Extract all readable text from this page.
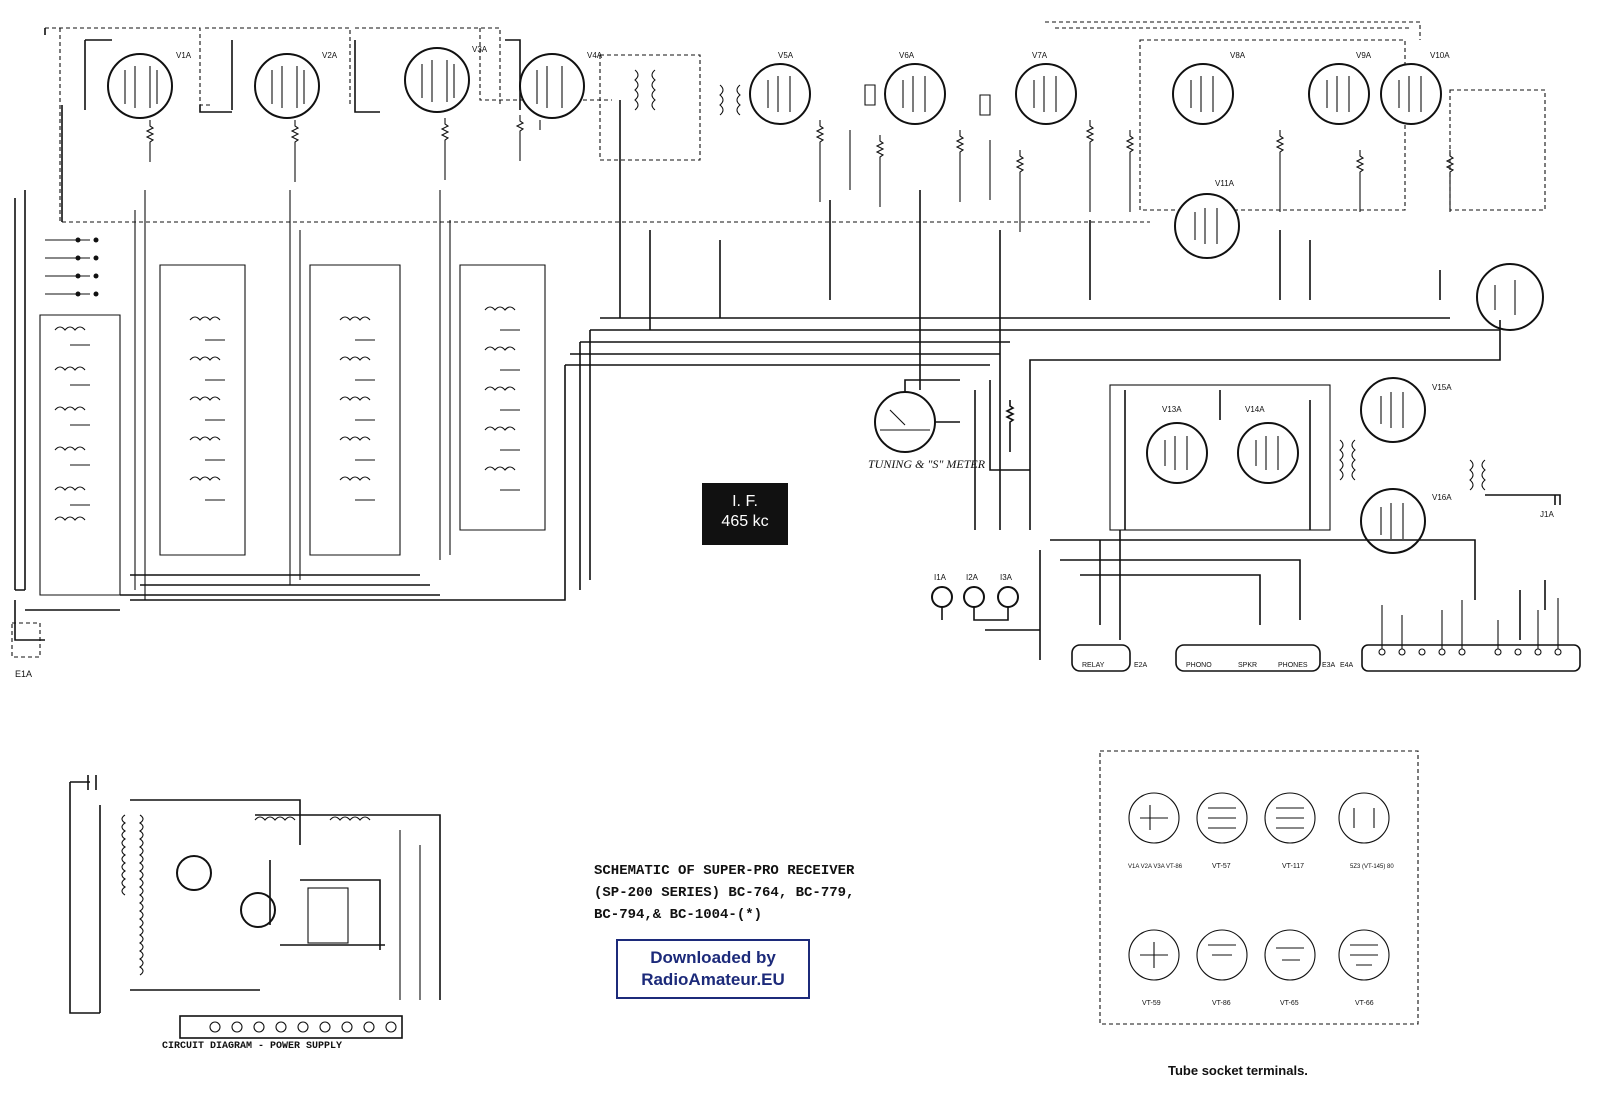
V1A	V2A
V3A
V4A
E1A
V5A	V6A	V7A	V8A	V9A	V10A
V11A
TUNING & "S" METER
V13A	V14A
V15A
V16A
J1A
I1A I2A	I3A
RELAY	E2A	PHONO	SPKR	PHONES E3A E4A
V1A V2A V3A VT-86	VT-57	VT-117	5Z3 (VT-145) 80
VT-59	VT-86	VT-65	VT-66
I. F.
465 kc
SCHEMATIC OF SUPER-PRO RECEIVER
(SP-200 SERIES) BC-764, BC-779,
BC-794,& BC-1004-(*)
Downloaded by
RadioAmateur.EU
CIRCUIT DIAGRAM - POWER SUPPLY
Tube socket terminals.
